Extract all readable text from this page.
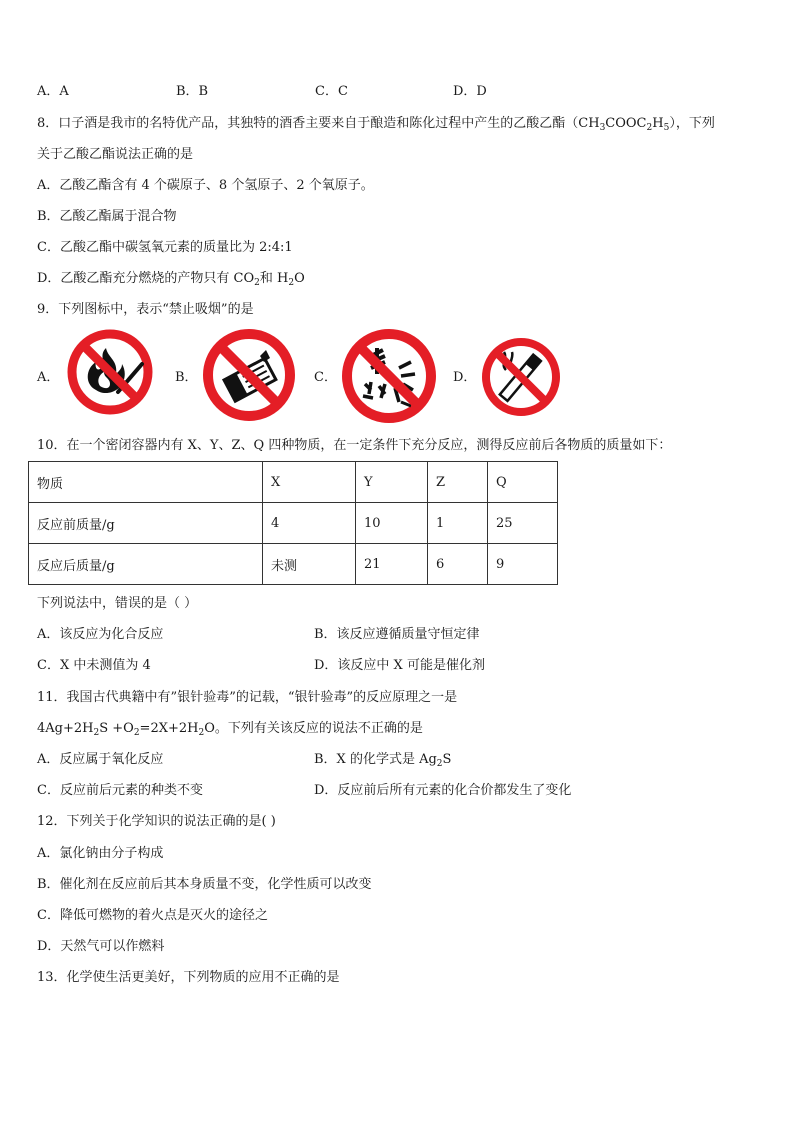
A．A	B．B	C．C	D．D
8．口子酒是我市的名特优产品，其独特的酒香主要来自于酿造和陈化过程中产生的乙酸乙酯$(CH_3COOC_2H_5)$，下列
关于乙酸乙酯说法正确的是
A．乙酸乙酯含有 4 个碳原子、8 个氢原子、2 个氧原子。
B．乙酸乙酯属于混合物
C．乙酸乙酯中碳氢氧元素的质量比为 2:4:1
D．乙酸乙酯充分燃烧的产物只有 $CO_2$和 $H_2O$
9．下列图标中，表示“禁止吸烟”的是
A．	B．	C．	D．
10．在一个密闭容器内有 X、Y、Z、Q 四种物质，在一定条件下充分反应，测得反应前后各物质的质量如下：
物质	X	Y	Z	Q
反应前质量/g	4	10	1	25
反应后质量/g	未测	21	6	9
下列说法中，错误的是（ ）
A．该反应为化合反应	B．该反应遵循质量守恒定律
C．X 中未测值为 4	D．该反应中 X 可能是催化剂
11．我国古代典籍中有”银针验毒”的记载，“银针验毒”的反应原理之一是
$4Ag+2H_2S +O_2=2X+2H_2O$。下列有关该反应的说法不正确的是
A．反应属于氧化反应	B．X 的化学式是 $Ag_2S$
C．反应前后元素的种类不变	D．反应前后所有元素的化合价都发生了变化
12．下列关于化学知识的说法正确的是( )
A．氯化钠由分子构成
B．催化剂在反应前后其本身质量不变，化学性质可以改变
C．降低可燃物的着火点是灭火的途径之
D．天然气可以作燃料
13．化学使生活更美好，下列物质的应用不正确的是
